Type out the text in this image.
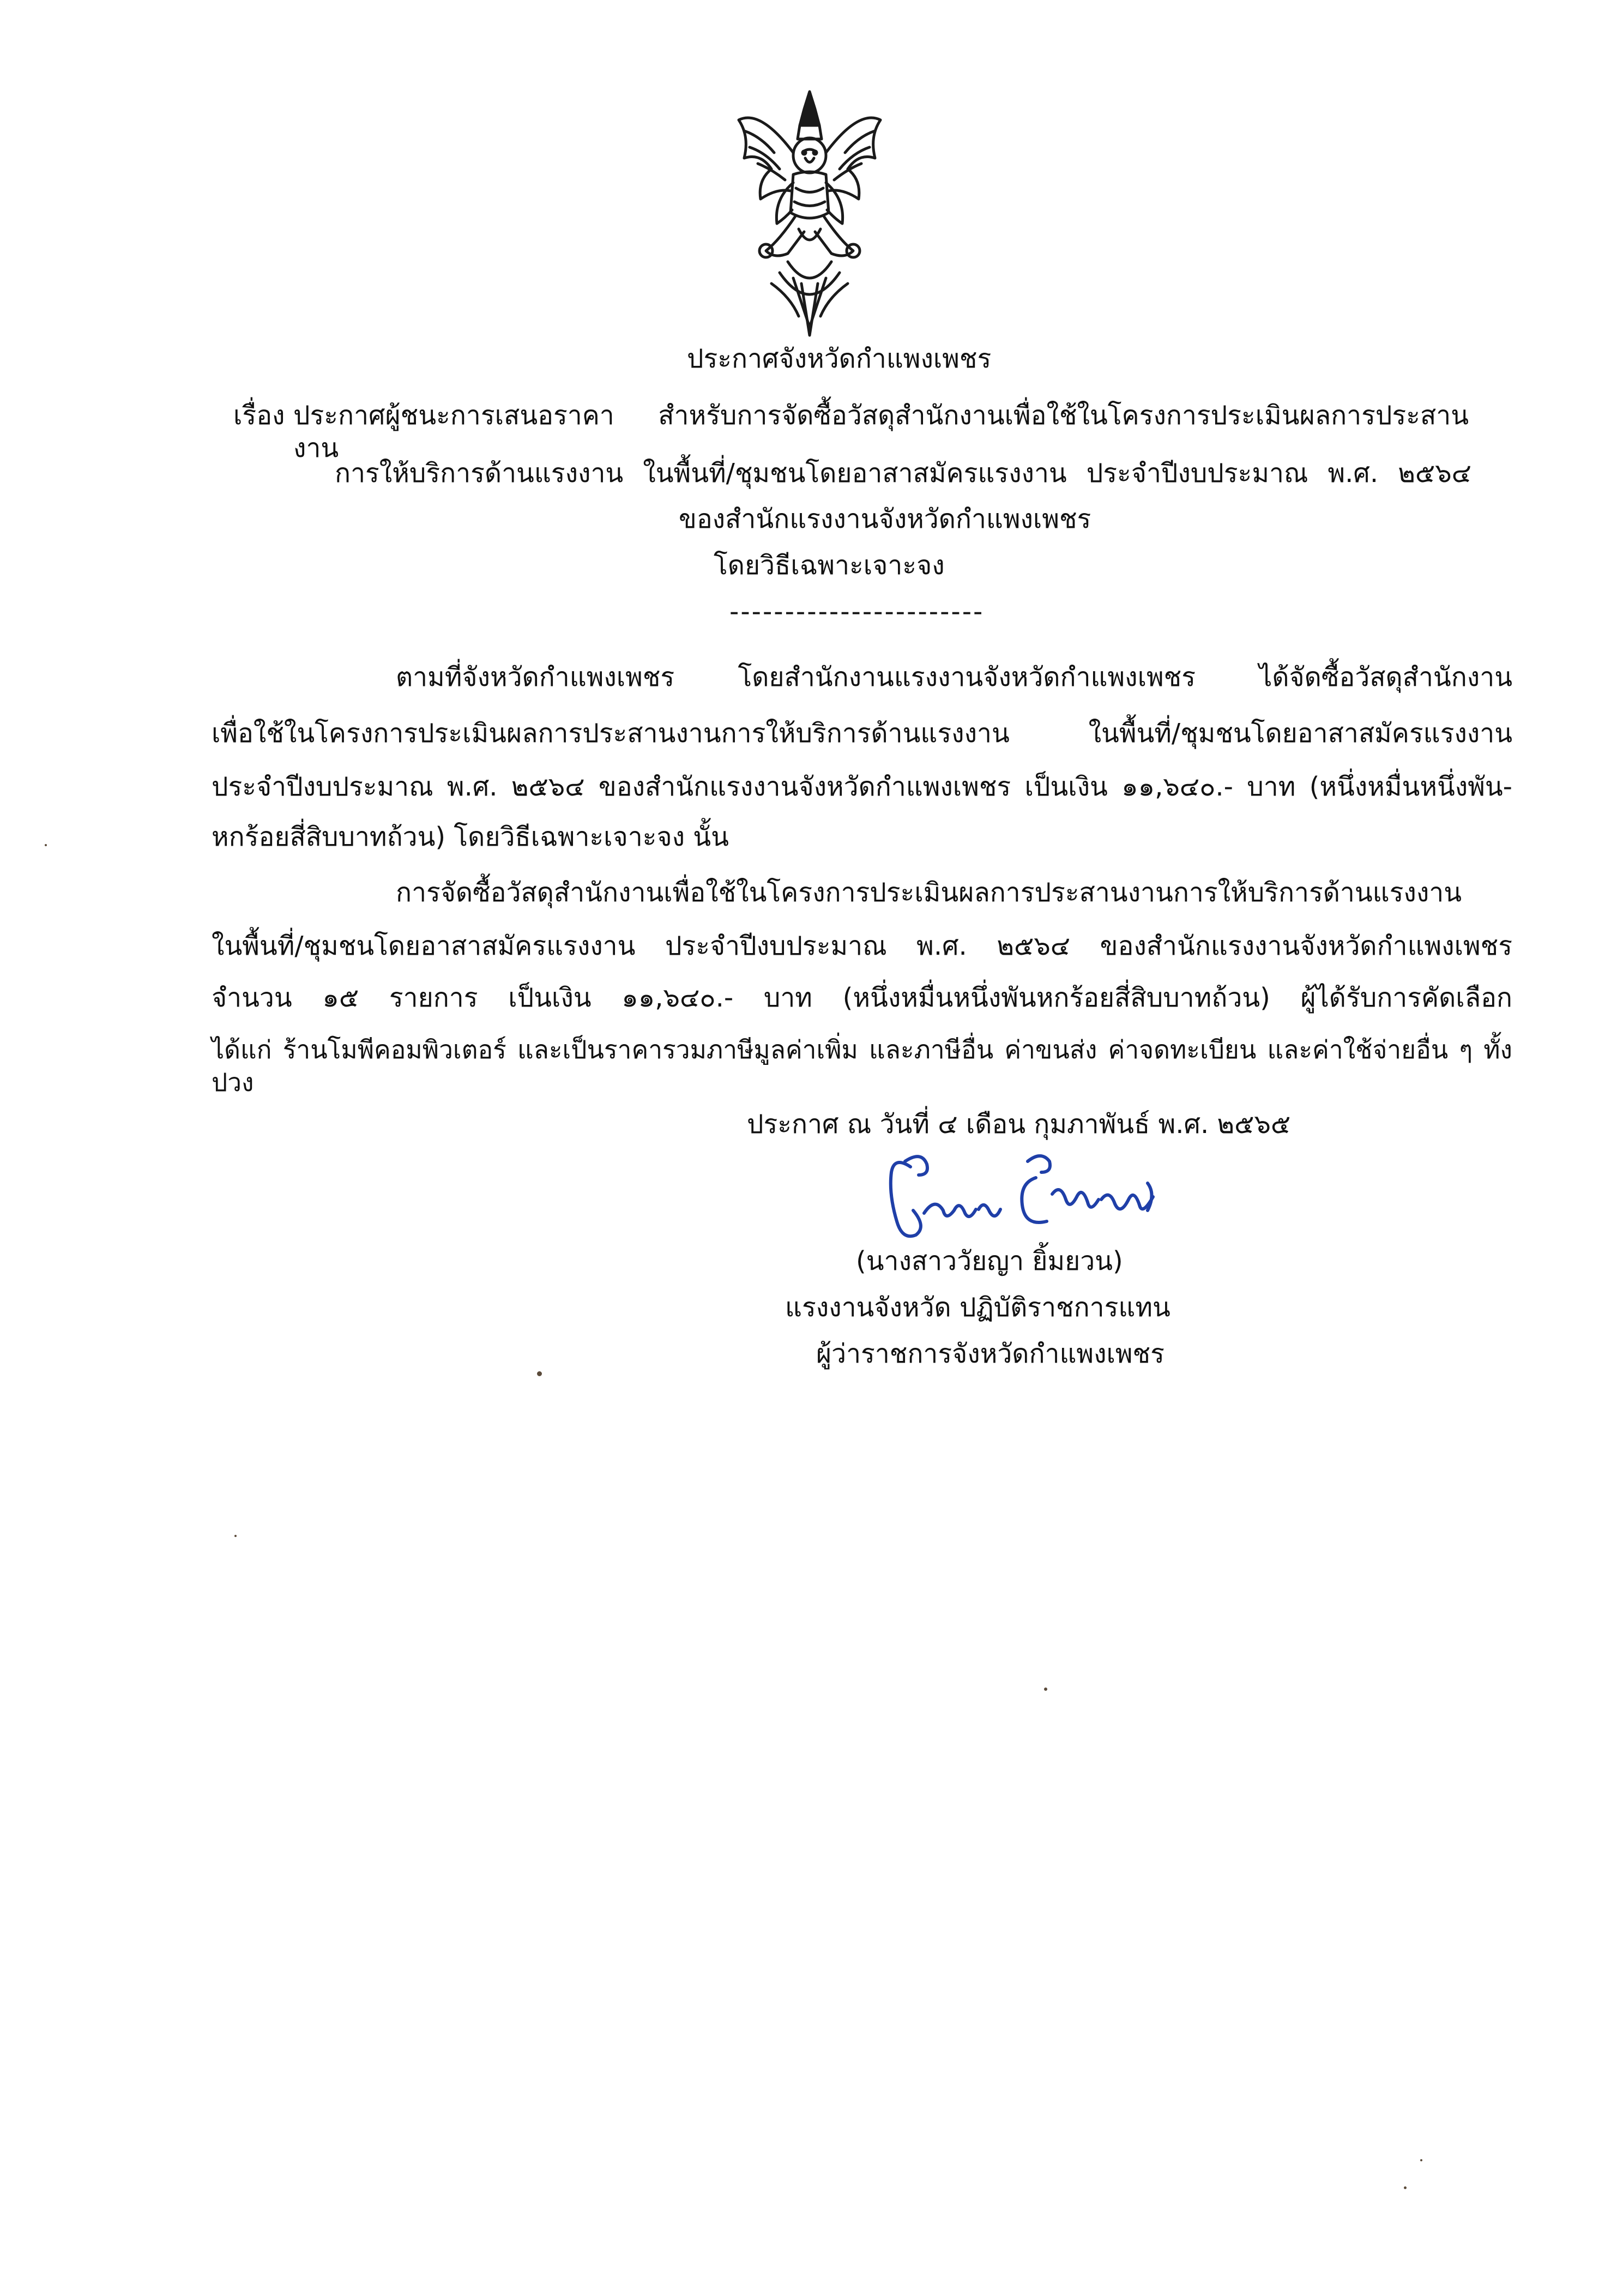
ประกาศจังหวัดกำแพงเพชร
เรื่อง ประกาศผู้ชนะการเสนอราคา สำหรับการจัดซื้อวัสดุสำนักงานเพื่อใช้ในโครงการประเมินผลการประสานงาน
การให้บริการด้านแรงงาน ในพื้นที่/ชุมชนโดยอาสาสมัครแรงงาน ประจำปีงบประมาณ พ.ศ. ๒๕๖๔
ของสำนักแรงงานจังหวัดกำแพงเพชร
โดยวิธีเฉพาะเจาะจง
-----------------------
ตามที่จังหวัดกำแพงเพชร โดยสำนักงานแรงงานจังหวัดกำแพงเพชร ได้จัดซื้อวัสดุสำนักงาน
เพื่อใช้ในโครงการประเมินผลการประสานงานการให้บริการด้านแรงงาน ในพื้นที่/ชุมชนโดยอาสาสมัครแรงงาน
ประจำปีงบประมาณ พ.ศ. ๒๕๖๔ ของสำนักแรงงานจังหวัดกำแพงเพชร เป็นเงิน ๑๑,๖๔๐.- บาท (หนึ่งหมื่นหนึ่งพัน-
หกร้อยสี่สิบบาทถ้วน) โดยวิธีเฉพาะเจาะจง นั้น
การจัดซื้อวัสดุสำนักงานเพื่อใช้ในโครงการประเมินผลการประสานงานการให้บริการด้านแรงงาน
ในพื้นที่/ชุมชนโดยอาสาสมัครแรงงาน ประจำปีงบประมาณ พ.ศ. ๒๕๖๔ ของสำนักแรงงานจังหวัดกำแพงเพชร
จำนวน ๑๕ รายการ เป็นเงิน ๑๑,๖๔๐.- บาท (หนึ่งหมื่นหนึ่งพันหกร้อยสี่สิบบาทถ้วน) ผู้ได้รับการคัดเลือก
ได้แก่ ร้านโมพีคอมพิวเตอร์ และเป็นราคารวมภาษีมูลค่าเพิ่ม และภาษีอื่น ค่าขนส่ง ค่าจดทะเบียน และค่าใช้จ่ายอื่น ๆ ทั้งปวง
ประกาศ ณ วันที่ ๔ เดือน กุมภาพันธ์ พ.ศ. ๒๕๖๕
(นางสาววัยญา ยิ้มยวน)
แรงงานจังหวัด ปฏิบัติราชการแทน
ผู้ว่าราชการจังหวัดกำแพงเพชร
